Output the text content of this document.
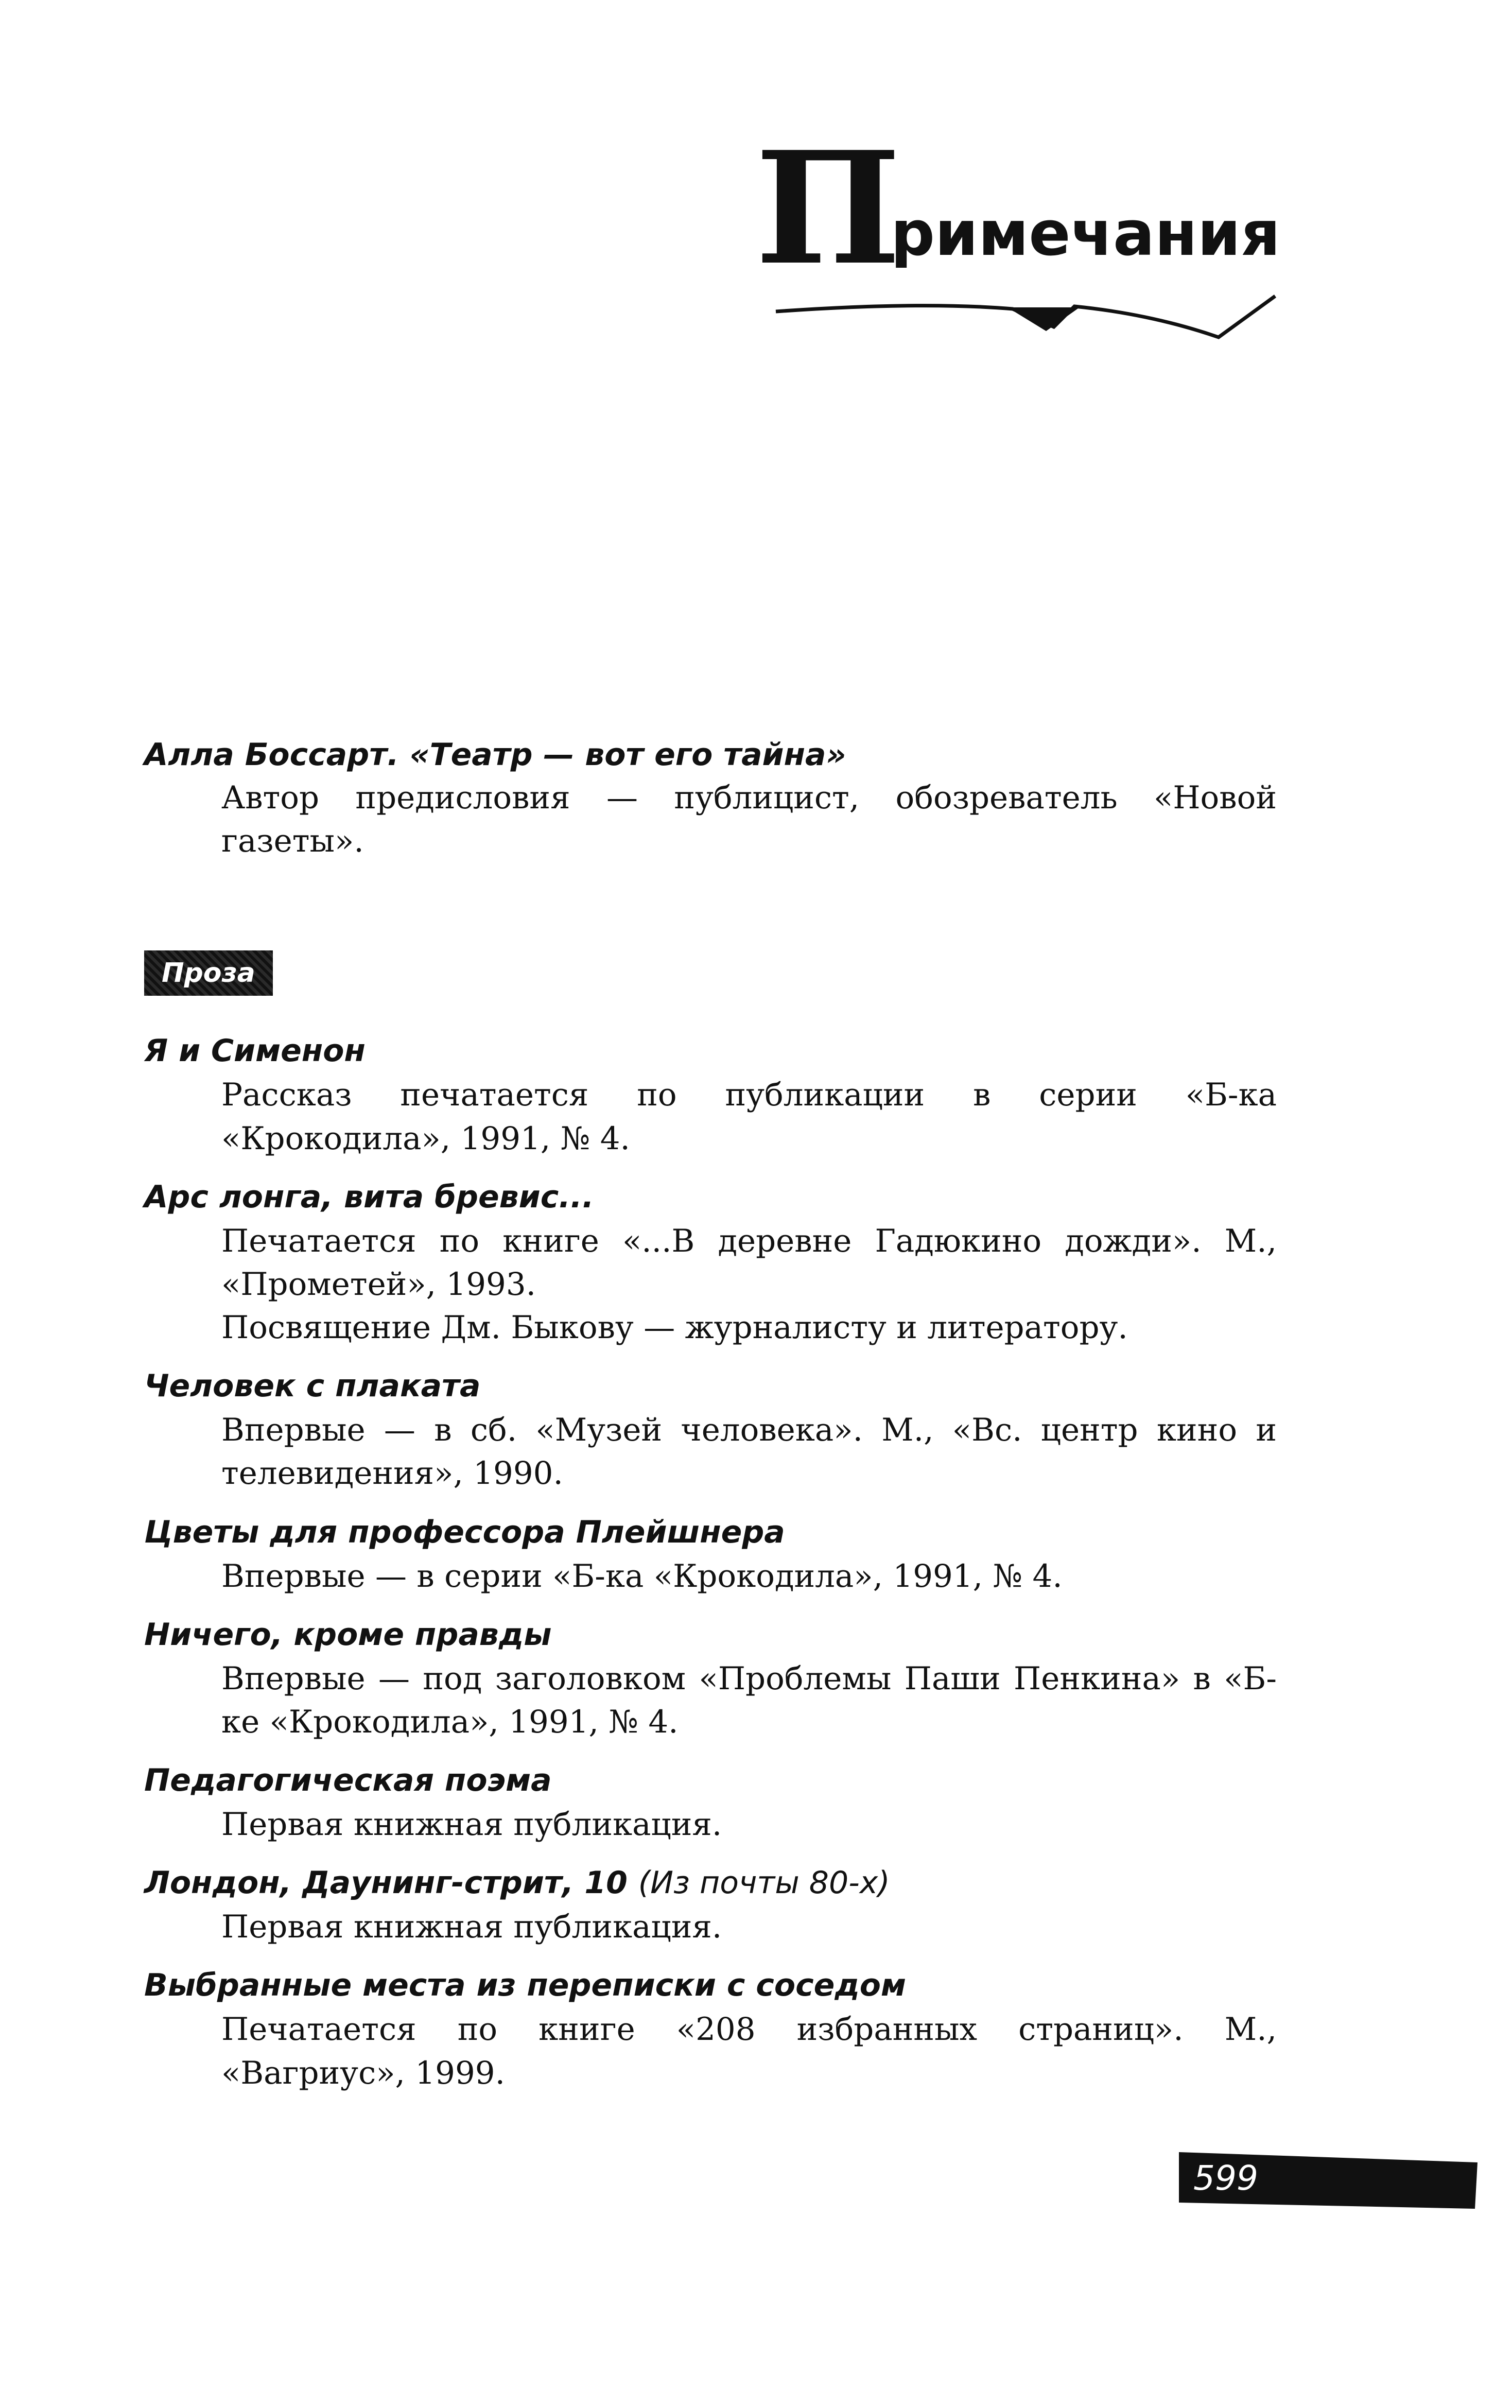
П
римечания

Алла Боссарт. «Театр — вот его тайна»

Автор предисловия — публицист, обозреватель «Новой газеты».

Проза

Я и Сименон

Рассказ печатается по публикации в серии «Б-ка «Крокодила», 1991, № 4.

Арс лонга, вита бревис...

Печатается по книге «...В деревне Гадюкино дожди». М., «Прометей», 1993.

Посвящение Дм. Быкову — журналисту и литератору.

Человек с плаката

Впервые — в сб. «Музей человека». М., «Вс. центр кино и телевидения», 1990.

Цветы для профессора Плейшнера

Впервые — в серии «Б-ка «Крокодила», 1991, № 4.

Ничего, кроме правды

Впервые — под заголовком «Проблемы Паши Пенкина» в «Б-ке «Крокодила», 1991, № 4.

Педагогическая поэма

Первая книжная публикация.

Лондон, Даунинг-стрит, 10 (Из почты 80-х)

Первая книжная публикация.

Выбранные места из переписки с соседом

Печатается по книге «208 избранных страниц». М., «Вагриус», 1999.

599
